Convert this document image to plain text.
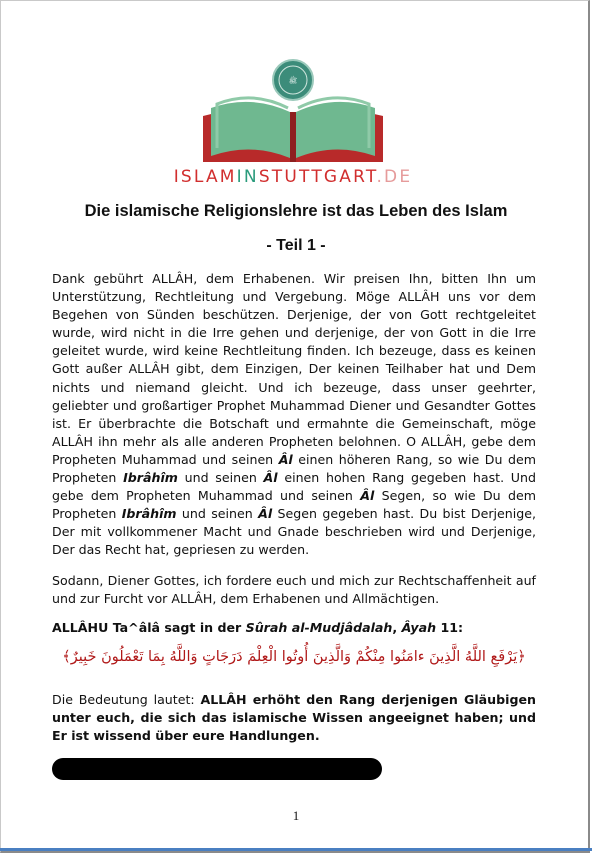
ﷺ
ISLAMINSTUTTGART.DE
Die islamische Religionslehre ist das Leben des Islam
- Teil 1 -
Dank gebührt ALLÂH, dem Erhabenen. Wir preisen Ihn, bitten Ihn um Unterstützung, Rechtleitung und Vergebung. Möge ALLÂH uns vor dem Begehen von Sünden beschützen. Derjenige, der von Gott rechtgeleitet wurde, wird nicht in die Irre gehen und derjenige, der von Gott in die Irre geleitet wurde, wird keine Rechtleitung finden. Ich bezeuge, dass es keinen Gott außer ALLÂH gibt, dem Einzigen, Der keinen Teilhaber hat und Dem nichts und niemand gleicht. Und ich bezeuge, dass unser geehrter, geliebter und großartiger Prophet Muhammad Diener und Gesandter Gottes ist. Er überbrachte die Botschaft und ermahnte die Gemeinschaft, möge ALLÂH ihn mehr als alle anderen Propheten belohnen. O ALLÂH, gebe dem Propheten Muhammad und seinen Âl einen höheren Rang, so wie Du dem Propheten Ibrâhîm und seinen Âl einen hohen Rang gegeben hast. Und gebe dem Propheten Muhammad und seinen Âl Segen, so wie Du dem Propheten Ibrâhîm und seinen Âl Segen gegeben hast. Du bist Derjenige, Der mit vollkommener Macht und Gnade beschrieben wird und Derjenige, Der das Recht hat, gepriesen zu werden.
Sodann, Diener Gottes, ich fordere euch und mich zur Rechtschaffenheit auf und zur Furcht vor ALLÂH, dem Erhabenen und Allmächtigen.
ALLÂHU Ta^âlâ sagt in der Sûrah al-Mudjâdalah, Âyah 11:
﴿يَرْفَعِ اللَّهُ الَّذِينَ ءامَنُوا مِنْكُمْ وَالَّذِينَ أُوتُوا الْعِلْمَ دَرَجَاتٍ وَاللَّهُ بِمَا تَعْمَلُونَ خَبِيرٌ﴾
Die Bedeutung lautet: ALLÂH erhöht den Rang derjenigen Gläubigen unter euch, die sich das islamische Wissen angeeignet haben; und Er ist wissend über eure Handlungen.
1
